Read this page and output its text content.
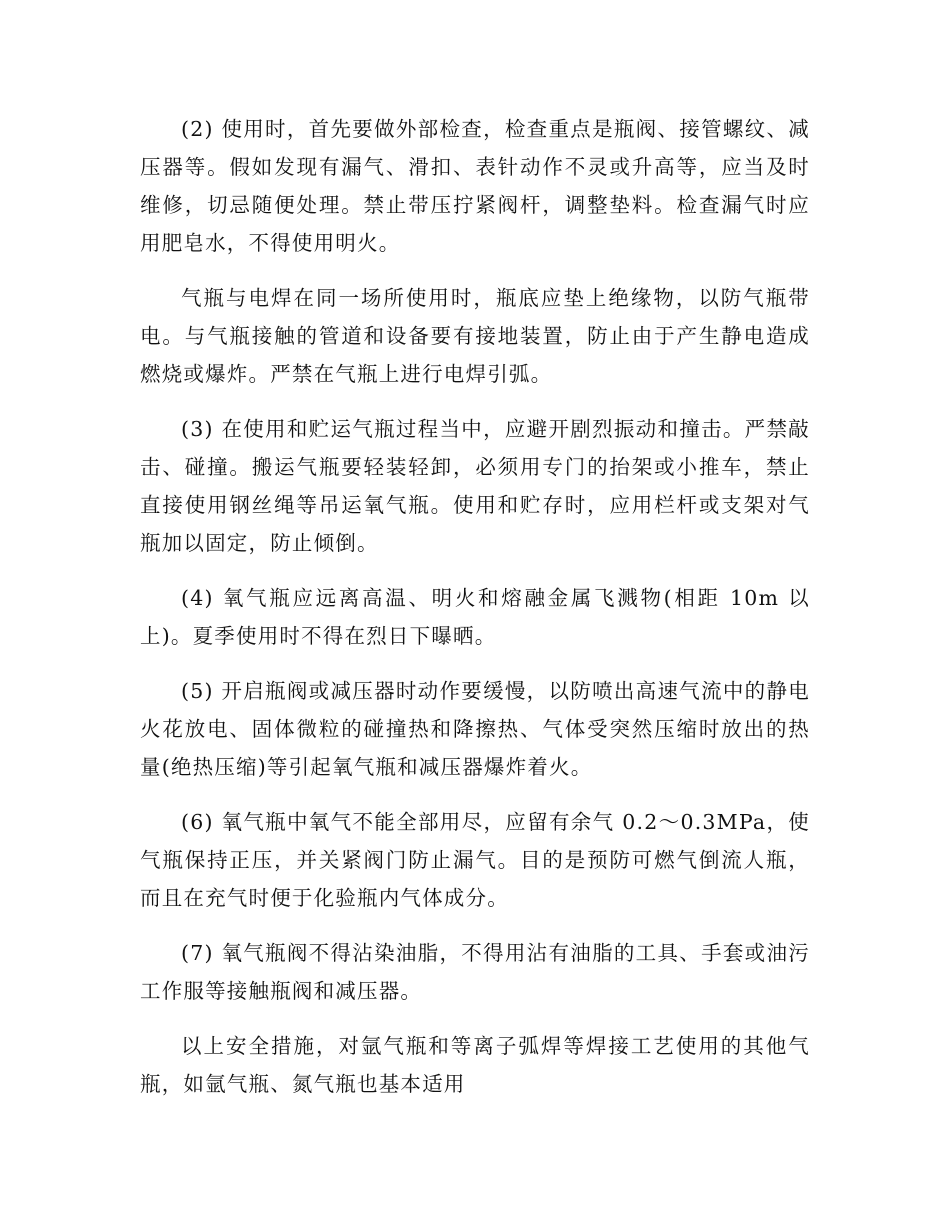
(2) 使用时，首先要做外部检查，检查重点是瓶阀、接管螺纹、减压器等。假如发现有漏气、滑扣、表针动作不灵或升高等，应当及时维修，切忌随便处理。禁止带压拧紧阀杆，调整垫料。检查漏气时应用肥皂水，不得使用明火。

气瓶与电焊在同一场所使用时，瓶底应垫上绝缘物，以防气瓶带电。与气瓶接触的管道和设备要有接地装置，防止由于产生静电造成燃烧或爆炸。严禁在气瓶上进行电焊引弧。

(3) 在使用和贮运气瓶过程当中，应避开剧烈振动和撞击。严禁敲击、碰撞。搬运气瓶要轻装轻卸，必须用专门的抬架或小推车，禁止直接使用钢丝绳等吊运氧气瓶。使用和贮存时，应用栏杆或支架对气瓶加以固定，防止倾倒。

(4) 氧气瓶应远离高温、明火和熔融金属飞溅物(相距 10m 以上)。夏季使用时不得在烈日下曝晒。

(5) 开启瓶阀或减压器时动作要缓慢，以防喷出高速气流中的静电火花放电、固体微粒的碰撞热和降擦热、气体受突然压缩时放出的热量(绝热压缩)等引起氧气瓶和减压器爆炸着火。

(6) 氧气瓶中氧气不能全部用尽，应留有余气 0.2～0.3MPa，使气瓶保持正压，并关紧阀门防止漏气。目的是预防可燃气倒流人瓶，而且在充气时便于化验瓶内气体成分。

(7) 氧气瓶阀不得沾染油脂，不得用沾有油脂的工具、手套或油污工作服等接触瓶阀和减压器。

以上安全措施，对氩气瓶和等离子弧焊等焊接工艺使用的其他气瓶，如氩气瓶、氮气瓶也基本适用
